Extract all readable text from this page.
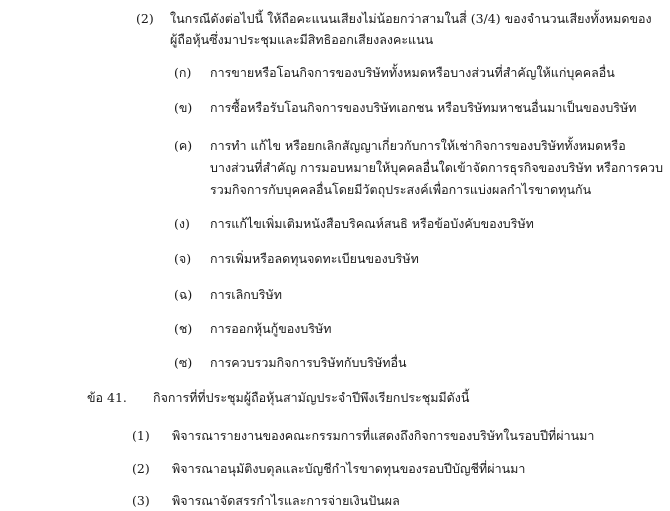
(2) ในกรณีดังต่อไปนี้ ให้ถือคะแนนเสียงไม่น้อยกว่าสามในสี่ (3/4) ของจำนวนเสียงทั้งหมดของ
ผู้ถือหุ้นซึ่งมาประชุมและมีสิทธิออกเสียงลงคะแนน
(ก) การขายหรือโอนกิจการของบริษัททั้งหมดหรือบางส่วนที่สำคัญให้แก่บุคคลอื่น
(ข) การซื้อหรือรับโอนกิจการของบริษัทเอกชน หรือบริษัทมหาชนอื่นมาเป็นของบริษัท
(ค) การทำ แก้ไข หรือยกเลิกสัญญาเกี่ยวกับการให้เช่ากิจการของบริษัททั้งหมดหรือ
บางส่วนที่สำคัญ การมอบหมายให้บุคคลอื่นใดเข้าจัดการธุรกิจของบริษัท หรือการควบ
รวมกิจการกับบุคคลอื่นโดยมีวัตถุประสงค์เพื่อการแบ่งผลกำไรขาดทุนกัน
(ง) การแก้ไขเพิ่มเติมหนังสือบริคณห์สนธิ หรือข้อบังคับของบริษัท
(จ) การเพิ่มหรือลดทุนจดทะเบียนของบริษัท
(ฉ) การเลิกบริษัท
(ช) การออกหุ้นกู้ของบริษัท
(ซ) การควบรวมกิจการบริษัทกับบริษัทอื่น
ข้อ 41. กิจการที่ที่ประชุมผู้ถือหุ้นสามัญประจำปีพึงเรียกประชุมมีดังนี้
(1) พิจารณารายงานของคณะกรรมการที่แสดงถึงกิจการของบริษัทในรอบปีที่ผ่านมา
(2) พิจารณาอนุมัติงบดุลและบัญชีกำไรขาดทุนของรอบปีบัญชีที่ผ่านมา
(3) พิจารณาจัดสรรกำไรและการจ่ายเงินปันผล
